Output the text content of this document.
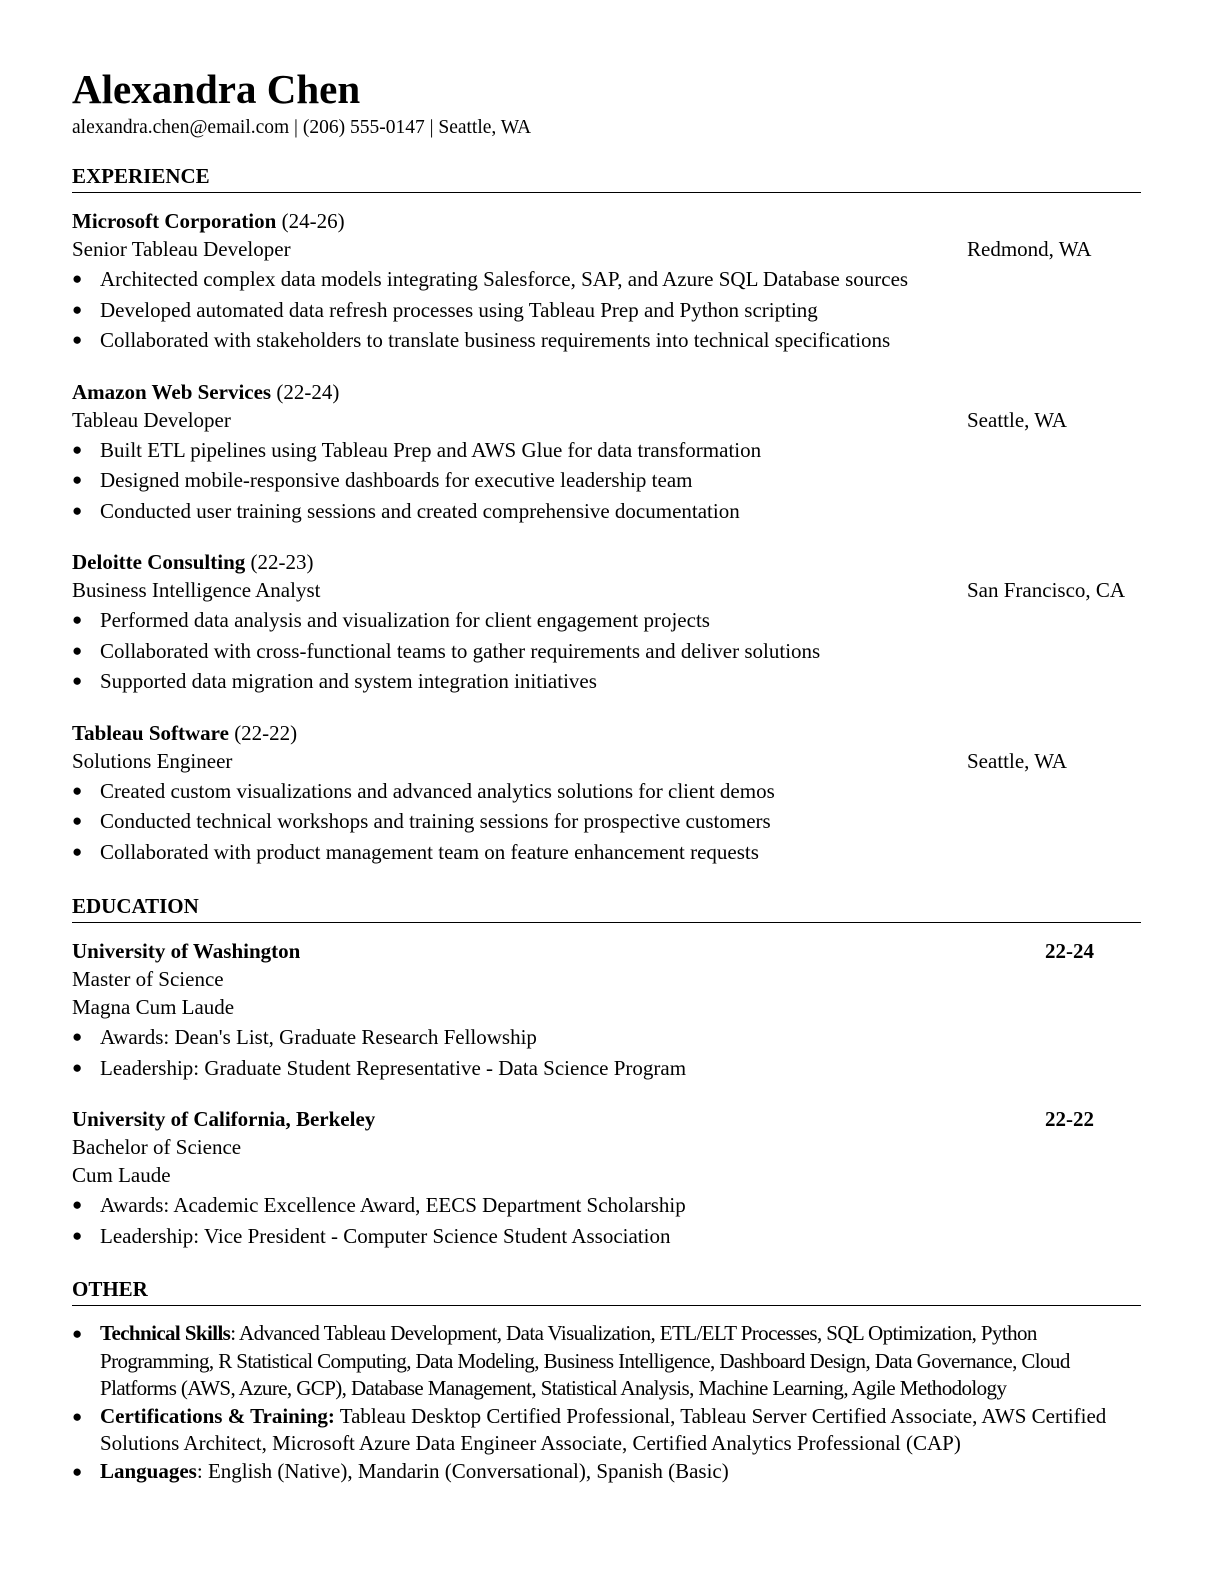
Alexandra Chen
alexandra.chen@email.com | (206) 555-0147 | Seattle, WA
EXPERIENCE
Microsoft Corporation (24-26)
Senior Tableau Developer	Redmond, WA
● Architected complex data models integrating Salesforce, SAP, and Azure SQL Database sources
● Developed automated data refresh processes using Tableau Prep and Python scripting
● Collaborated with stakeholders to translate business requirements into technical specifications
Amazon Web Services (22-24)
Tableau Developer	Seattle, WA
● Built ETL pipelines using Tableau Prep and AWS Glue for data transformation
● Designed mobile-responsive dashboards for executive leadership team
● Conducted user training sessions and created comprehensive documentation
Deloitte Consulting (22-23)
Business Intelligence Analyst	San Francisco, CA
● Performed data analysis and visualization for client engagement projects
● Collaborated with cross-functional teams to gather requirements and deliver solutions
● Supported data migration and system integration initiatives
Tableau Software (22-22)
Solutions Engineer	Seattle, WA
● Created custom visualizations and advanced analytics solutions for client demos
● Conducted technical workshops and training sessions for prospective customers
● Collaborated with product management team on feature enhancement requests
EDUCATION
University of Washington	22-24
Master of Science
Magna Cum Laude
● Awards: Dean's List, Graduate Research Fellowship
● Leadership: Graduate Student Representative - Data Science Program
University of California, Berkeley	22-22
Bachelor of Science
Cum Laude
● Awards: Academic Excellence Award, EECS Department Scholarship
● Leadership: Vice President - Computer Science Student Association
OTHER
● Technical Skills: Advanced Tableau Development, Data Visualization, ETL/ELT Processes, SQL Optimization, Python Programming, R Statistical Computing, Data Modeling, Business Intelligence, Dashboard Design, Data Governance, Cloud Platforms (AWS, Azure, GCP), Database Management, Statistical Analysis, Machine Learning, Agile Methodology
● Certifications & Training: Tableau Desktop Certified Professional, Tableau Server Certified Associate, AWS Certified Solutions Architect, Microsoft Azure Data Engineer Associate, Certified Analytics Professional (CAP)
● Languages: English (Native), Mandarin (Conversational), Spanish (Basic)
